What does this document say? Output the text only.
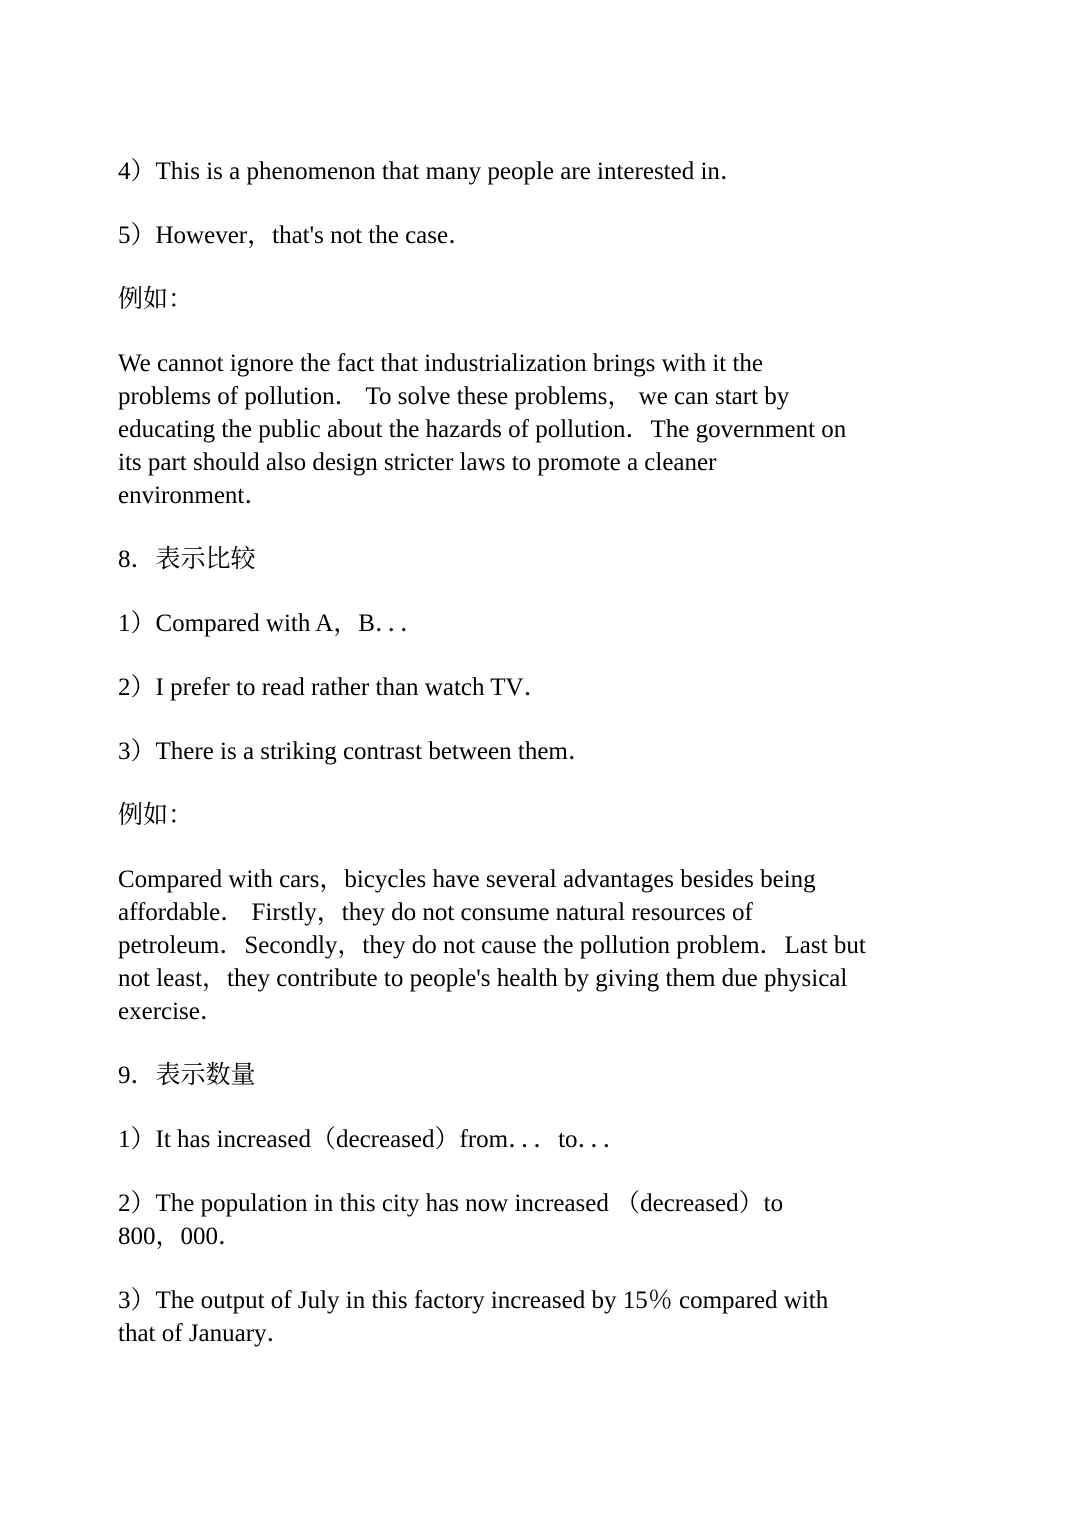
4）This is a phenomenon that many people are interested in．

5）However，that's not the case．

例如：

We cannot ignore the fact that industrialization brings with it the
problems of pollution． To solve these problems， we can start by
educating the public about the hazards of pollution．The government on
its part should also design stricter laws to promote a cleaner
environment．

8．表示比较

1）Compared with A，B．．．

2）I prefer to read rather than watch TV．

3）There is a striking contrast between them．

例如：

Compared with cars，bicycles have several advantages besides being
affordable． Firstly，they do not consume natural resources of
petroleum．Secondly，they do not cause the pollution problem．Last but
not least，they contribute to people's health by giving them due physical
exercise．

9．表示数量

1）It has increased（decreased）from．．．to．．．

2）The population in this city has now increased （decreased）to
800，000．

3）The output of July in this factory increased by 15％ compared with
that of January．
